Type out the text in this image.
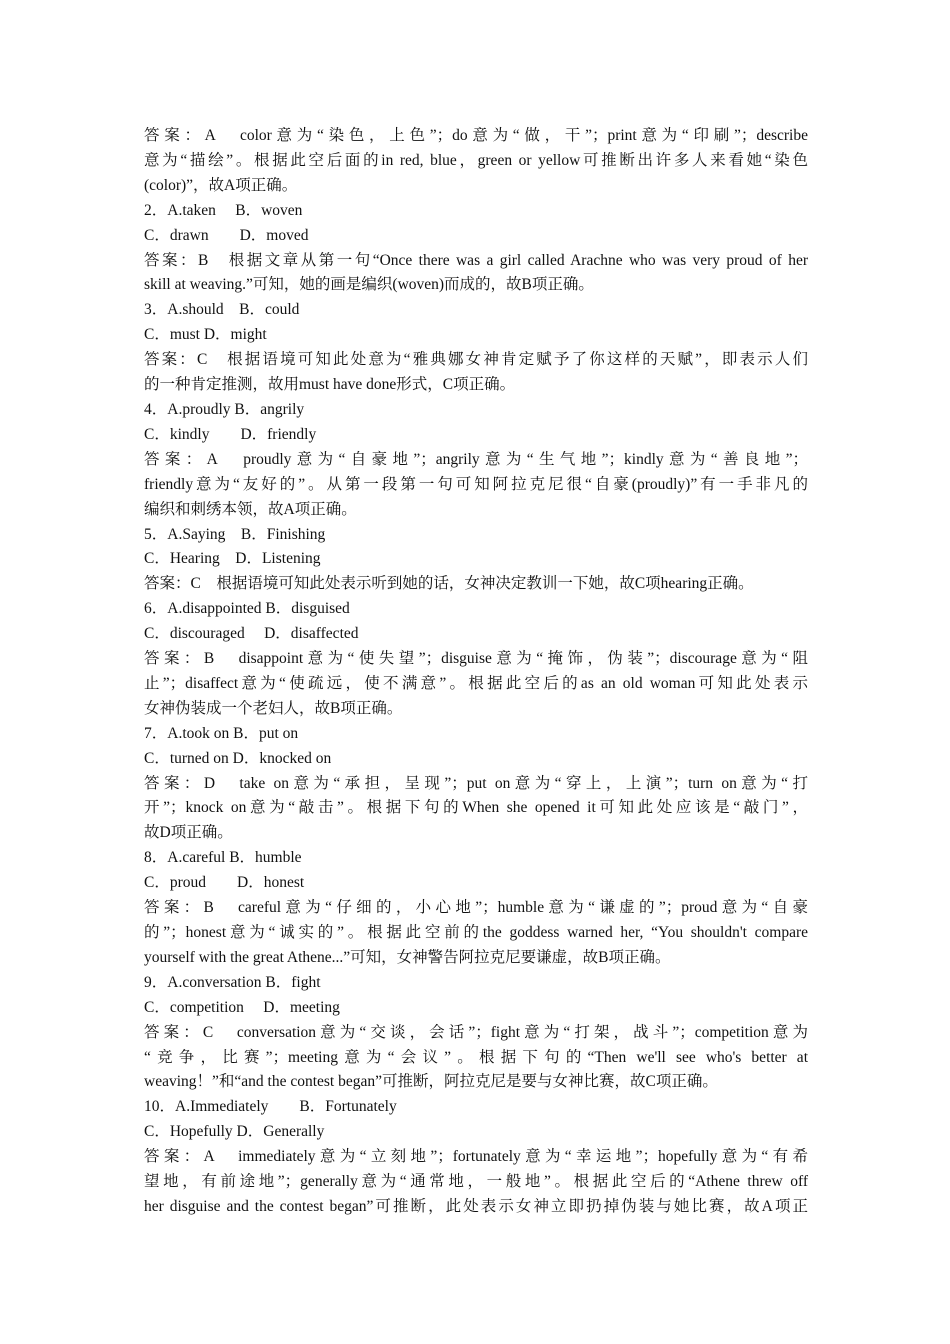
答案：A　color意为“染色，上色”；do意为“做，干”；print意为“印刷”；describe
意为“描绘”。根据此空后面的in red, blue，green or yellow可推断出许多人来看她“染色
(color)”，故A项正确。
2．A.taken　 B．woven
C．drawn　　D．moved
答案：B　根据文章从第一句“Once there was a girl called Arachne who was very proud of her
skill at weaving.”可知，她的画是编织(woven)而成的，故B项正确。
3．A.should　B．could
C．must D．might
答案：C　根据语境可知此处意为“雅典娜女神肯定赋予了你这样的天赋”，即表示人们
的一种肯定推测，故用must have done形式，C项正确。
4．A.proudly B．angrily
C．kindly　　D．friendly
答案：A　proudly意为“自豪地”；angrily意为“生气地”；kindly意为“善良地”；
friendly意为“友好的”。从第一段第一句可知阿拉克尼很“自豪(proudly)”有一手非凡的
编织和刺绣本领，故A项正确。
5．A.Saying　B．Finishing
C．Hearing　D．Listening
答案：C　根据语境可知此处表示听到她的话，女神决定教训一下她，故C项hearing正确。
6．A.disappointed B．disguised
C．discouraged　 D．disaffected
答案：B　disappoint意为“使失望”；disguise意为“掩饰，伪装”；discourage意为“阻
止”；disaffect意为“使疏远，使不满意”。根据此空后的as an old woman可知此处表示
女神伪装成一个老妇人，故B项正确。
7．A.took on B．put on
C．turned on D．knocked on
答案：D　take on意为“承担，呈现”；put on意为“穿上，上演”；turn on意为“打
开”；knock on意为“敲击”。根据下句的When she opened it可知此处应该是“敲门”，
故D项正确。
8．A.careful B．humble
C．proud　　D．honest
答案：B　careful意为“仔细的，小心地”；humble意为“谦虚的”；proud意为“自豪
的”；honest意为“诚实的”。根据此空前的the goddess warned her, “You shouldn't compare
yourself with the great Athene...”可知，女神警告阿拉克尼要谦虚，故B项正确。
9．A.conversation B．fight
C．competition　 D．meeting
答案：C　conversation意为“交谈，会话”；fight意为“打架，战斗”；competition意为
“竞争，比赛”；meeting意为“会议”。根据下句的“Then we'll see who's better at
weaving！”和“and the contest began”可推断，阿拉克尼是要与女神比赛，故C项正确。
10．A.Immediately　　B．Fortunately
C．Hopefully D．Generally
答案：A　immediately意为“立刻地”；fortunately意为“幸运地”；hopefully意为“有希
望地，有前途地”；generally意为“通常地，一般地”。根据此空后的“Athene threw off
her disguise and the contest began”可推断，此处表示女神立即扔掉伪装与她比赛，故A项正
